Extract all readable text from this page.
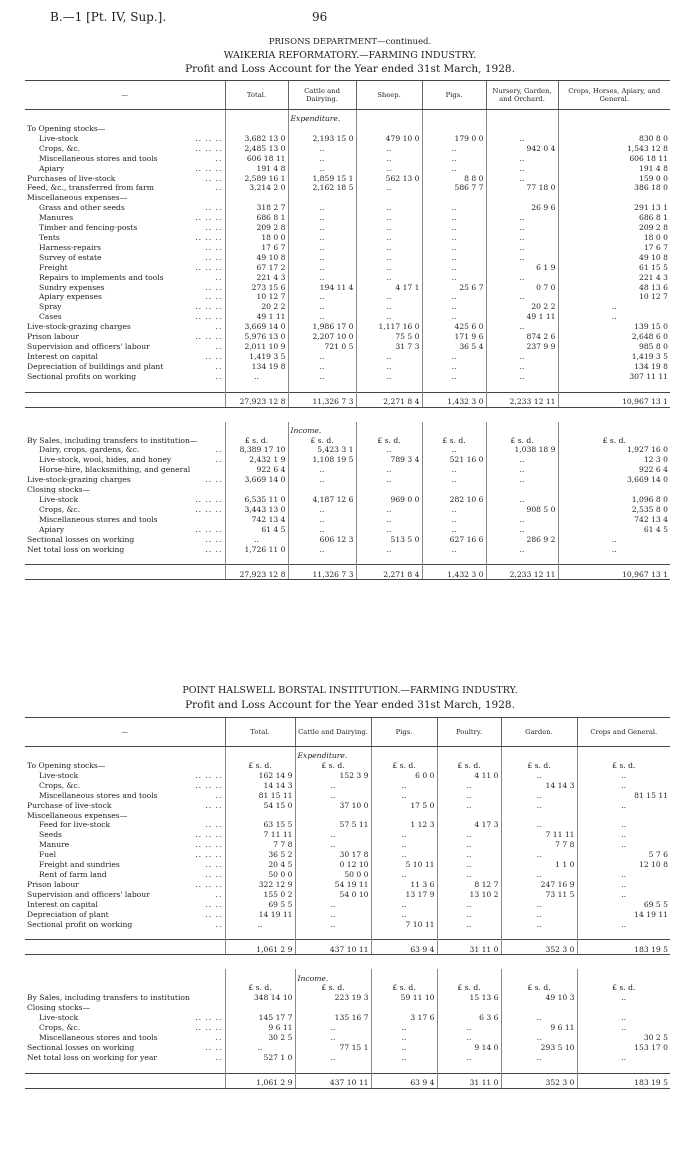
B.—1 [Pt. IV, Sup.].	96
PRISONS DEPARTMENT—continued.
WAIKERIA REFORMATORY.—FARMING INDUSTRY.
Profit and Loss Account for the Year ended 31st March, 1928.
—	Total.	Cattle and Dairying.	Sheep.	Pigs.	Nursery, Garden, and Orchard.	Crops, Horses, Apiary, and General.
		Expenditure.				
To Opening stocks—						
Live-stock .. .. ..	3,682 13 0	2,193 15 0	479 10 0	179 0 0	..	830 8 0
Crops, &c. .. .. ..	2,485 13 0	..	..	..	942 0 4	1,543 12 8
Miscellaneous stores and tools ..	606 18 11	..	..	..	..	606 18 11
Apiary .. .. ..	191 4 8	..	..	..	..	191 4 8
Purchases of live-stock .. ..	2,589 16 1	1,859 15 1	562 13 0	8 8 0	..	159 0 0
Feed, &c., transferred from farm ..	3,214 2 0	2,162 18 5	..	586 7 7	77 18 0	386 18 0
Miscellaneous expenses—						
Grass and other seeds .. ..	318 2 7	..	..	..	26 9 6	291 13 1
Manures .. .. ..	686 8 1	..	..	..	..	686 8 1
Timber and fencing-posts .. ..	209 2 8	..	..	..	..	209 2 8
Tents .. .. ..	18 0 0	..	..	..	..	18 0 0
Harness-repairs .. ..	17 6 7	..	..	..	..	17 6 7
Survey of estate .. ..	49 10 8	..	..	..	..	49 10 8
Freight .. .. ..	67 17 2	..	..	..	6 1 9	61 15 5
Repairs to implements and tools ..	221 4 3	..	..	..	..	221 4 3
Sundry expenses .. ..	273 15 6	194 11 4	4 17 1	25 6 7	0 7 0	48 13 6
Apiary expenses .. ..	10 12 7	..	..	..	..	10 12 7
Spray .. .. ..	20 2 2	..	..	..	20 2 2	..
Cases .. .. ..	49 1 11	..	..	..	49 1 11	..
Live-stock-grazing charges ..	3,669 14 0	1,986 17 0	1,117 16 0	425 6 0	..	139 15 0
Prison labour .. .. ..	5,976 13 0	2,207 10 0	75 5 0	171 9 6	874 2 6	2,648 6 0
Supervision and officers' labour ..	2,011 10 9	721 0 5	31 7 3	36 5 4	237 9 9	985 8 0
Interest on capital .. ..	1,419 3 5	..	..	..	..	1,419 3 5
Depreciation of buildings and plant ..	134 19 8	..	..	..	..	134 19 8
Sectional profits on working ..	..	..	..	..	..	307 11 11

	27,923 12 8	11,326 7 3	2,271 8 4	1,432 3 0	2,233 12 11	10,967 13 1

		Income.				
By Sales, including transfers to institution—	£ s. d.	£ s. d.	£ s. d.	£ s. d.	£ s. d.	£ s. d.
Dairy, crops, gardens, &c. ..	8,389 17 10	5,423 3 1	..	..	1,038 18 9	1,927 16 0
Live-stock, wool, hides, and honey ..	2,432 1 9	1,108 19 5	789 3 4	521 16 0	..	12 3 0
Horse-hire, blacksmithing, and general	922 6 4	..	..	..	..	922 6 4
Live-stock-grazing charges .. ..	3,669 14 0	..	..	..	..	3,669 14 0
Closing stocks—						
Live-stock .. .. ..	6,535 11 0	4,187 12 6	969 0 0	282 10 6	..	1,096 8 0
Crops, &c. .. .. ..	3,443 13 0	..	..	..	908 5 0	2,535 8 0
Miscellaneous stores and tools	742 13 4	..	..	..	..	742 13 4
Apiary .. .. ..	61 4 5	..	..	..	..	61 4 5
Sectional losses on working .. ..	..	606 12 3	513 5 0	627 16 6	286 9 2	..
Net total loss on working .. ..	1,726 11 0	..	..	..	..	..

	27,923 12 8	11,326 7 3	2,271 8 4	1,432 3 0	2,233 12 11	10,967 13 1
POINT HALSWELL BORSTAL INSTITUTION.—FARMING INDUSTRY.
Profit and Loss Account for the Year ended 31st March, 1928.
—	Total.	Cattle and Dairying.	Pigs.	Poultry.	Garden.	Crops and General.
		Expenditure.				
To Opening stocks—	£ s. d.	£ s. d.	£ s. d.	£ s. d.	£ s. d.	£ s. d.
Live-stock .. .. ..	162 14 9	152 3 9	6 0 0	4 11 0	..	..
Crops, &c. .. .. ..	14 14 3	..	..	..	14 14 3	..
Miscellaneous stores and tools ..	81 15 11	..	..	..	..	81 15 11
Purchase of live-stock .. ..	54 15 0	37 10 0	17 5 0	..	..	..
Miscellaneous expenses—						
Feed for live-stock .. ..	63 15 5	57 5 11	1 12 3	4 17 3	..	..
Seeds .. .. ..	7 11 11	..	..	..	7 11 11	..
Manure .. .. ..	7 7 8	..	..	..	7 7 8	..
Fuel .. .. ..	36 5 2	30 17 8	..	..	..	5 7 6
Freight and sundries .. ..	20 4 5	0 12 10	5 10 11	..	1 1 0	12 10 8
Rent of farm land .. ..	50 0 0	50 0 0	..	..	..	..
Prison labour .. .. ..	322 12 9	54 19 11	11 3 6	8 12 7	247 16 9	..
Supervision and officers' labour ..	155 0 2	54 0 10	13 17 9	13 10 2	73 11 5	..
Interest on capital .. ..	69 5 5	..	..	..	..	69 5 5
Depreciation of plant .. ..	14 19 11	..	..	..	..	14 19 11
Sectional profit on working ..	..	..	7 10 11	..	..	..

	1,061 2 9	437 10 11	63 9 4	31 11 0	352 3 0	183 19 5

		Income.				
	£ s. d.	£ s. d.	£ s. d.	£ s. d.	£ s. d.	£ s. d.
By Sales, including transfers to institution	348 14 10	223 19 3	59 11 10	15 13 6	49 10 3	..
Closing stocks—						
Live-stock .. .. ..	145 17 7	135 16 7	3 17 6	6 3 6	..	..
Crops, &c. .. .. ..	9 6 11	..	..	..	9 6 11	..
Miscellaneous stores and tools ..	30 2 5	..	..	..	..	30 2 5
Sectional losses on working .. ..	..	77 15 1	..	9 14 0	293 5 10	153 17 0
Net total loss on working for year ..	527 1 0	..	..	..	..	..

	1,061 2 9	437 10 11	63 9 4	31 11 0	352 3 0	183 19 5
